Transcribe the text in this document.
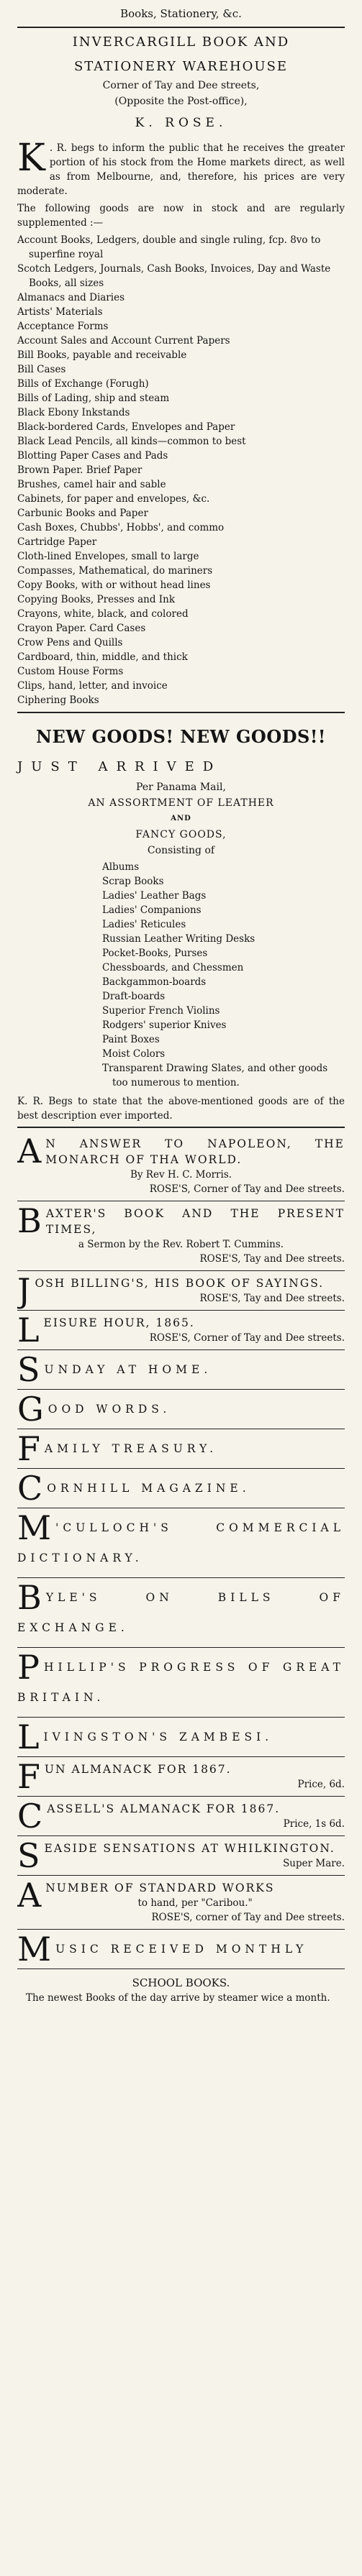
Books, Stationery, &c.
INVERCARGILL BOOK AND
STATIONERY WAREHOUSE
Corner of Tay and Dee streets,
(Opposite the Post-office),
K. ROSE.

K . R. begs to inform the public that he receives the greater portion of his stock from the Home markets direct, as well as from Melbourne, and, therefore, his prices are very moderate.

The following goods are now in stock and are regularly supplemented :—

Account Books, Ledgers, double and single ruling, fcp. 8vo to superfine royal
Scotch Ledgers, Journals, Cash Books, Invoices, Day and Waste Books, all sizes
Almanacs and Diaries
Artists' Materials
Acceptance Forms
Account Sales and Account Current Papers
Bill Books, payable and receivable
Bill Cases
Bills of Exchange (Forugh)
Bills of Lading, ship and steam
Black Ebony Inkstands
Black-bordered Cards, Envelopes and Paper
Black Lead Pencils, all kinds—common to best
Blotting Paper Cases and Pads
Brown Paper. Brief Paper
Brushes, camel hair and sable
Cabinets, for paper and envelopes, &c.
Carbunic Books and Paper
Cash Boxes, Chubbs', Hobbs', and commo
Cartridge Paper
Cloth-lined Envelopes, small to large
Compasses, Mathematical, do mariners
Copy Books, with or without head lines
Copying Books, Presses and Ink
Crayons, white, black, and colored
Crayon Paper. Card Cases
Crow Pens and Quills
Cardboard, thin, middle, and thick
Custom House Forms
Clips, hand, letter, and invoice
Ciphering Books
NEW GOODS! NEW GOODS!!
JUST ARRIVED
Per Panama Mail,
AN ASSORTMENT OF LEATHER
AND
FANCY GOODS,
Consisting of
Albums
Scrap Books
Ladies' Leather Bags
Ladies' Companions
Ladies' Reticules
Russian Leather Writing Desks
Pocket-Books, Purses
Chessboards, and Chessmen
Backgammon-boards
Draft-boards
Superior French Violins
Rodgers' superior Knives
Paint Boxes
Moist Colors
Transparent Drawing Slates, and other goods too numerous to mention.

K. R. Begs to state that the above-mentioned goods are of the best description ever imported.

A N ANSWER TO NAPOLEON, THE MONARCH OF THA WORLD.
By Rev H. C. Morris.
ROSE'S, Corner of Tay and Dee streets.
B AXTER'S BOOK AND THE PRESENT TIMES,
a Sermon by the Rev. Robert T. Cummins.
ROSE'S, Tay and Dee streets.
J OSH BILLING'S, HIS BOOK OF SAYINGS.
ROSE'S, Tay and Dee streets.
L EISURE HOUR, 1865.
ROSE'S, Corner of Tay and Dee streets.
S UNDAY AT HOME.
G OOD WORDS.
F AMILY TREASURY.
C ORNHILL MAGAZINE.
M 'CULLOCH'S COMMERCIAL DICTIONARY.
B YLE'S ON BILLS OF EXCHANGE.
P HILLIP'S PROGRESS OF GREAT BRITAIN.
L IVINGSTON'S ZAMBESI.
F UN ALMANACK FOR 1867.
Price, 6d.
C ASSELL'S ALMANACK FOR 1867.
Price, 1s 6d.
S EASIDE SENSATIONS AT WHILKINGTON.
Super Mare.
A NUMBER OF STANDARD WORKS
to hand, per "Caribou."
ROSE'S, corner of Tay and Dee streets.
M USIC RECEIVED MONTHLY
SCHOOL BOOKS.
The newest Books of the day arrive by steamer wice a month.
